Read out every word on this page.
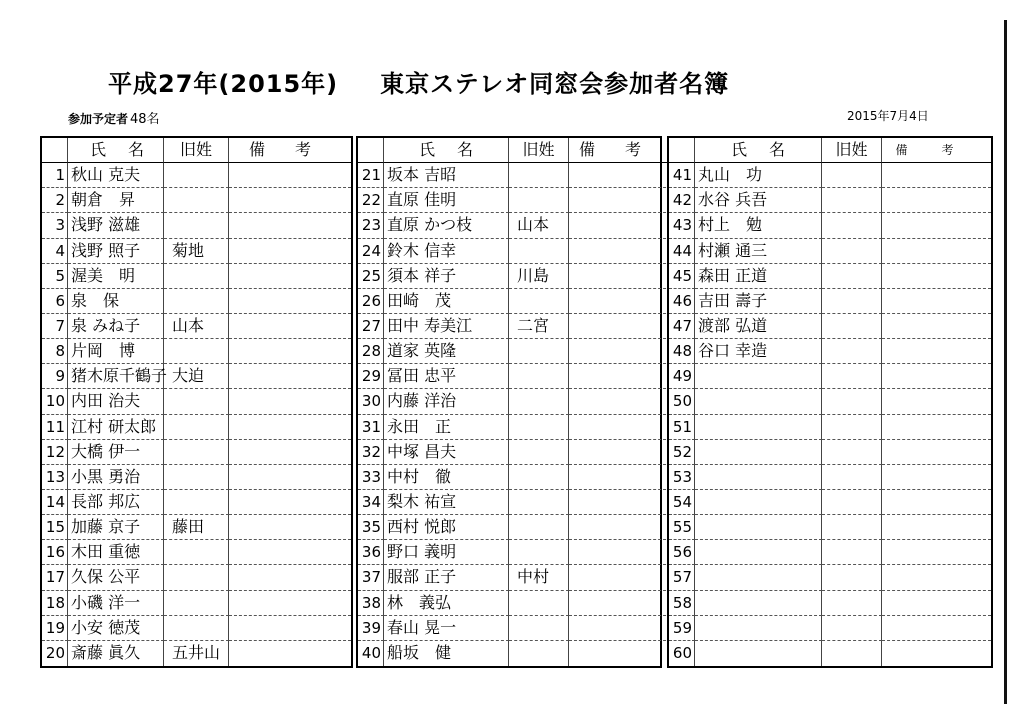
平成27年(2015年) 東京ステレオ同窓会参加者名簿
参加予定者 48名	2015年7月4日
氏名 旧姓	備考
1 秋山 克夫
2 朝倉　昇
3 浅野 滋雄
4 浅野 照子	菊地
5 渥美　明
6 泉　保
7 泉 みね子	山本
8 片岡　博
9 猪木原千鶴子 大迫
10 内田 治夫
11 江村 研太郎
12 大橋 伊一
13 小黒 勇治
14 長部 邦広
15 加藤 京子	藤田
16 木田 重徳
17 久保 公平
18 小磯 洋一
19 小安 徳茂
20 斎藤 眞久	五井山
氏名	旧姓	備考
21 坂本 吉昭
22 直原 佳明
23 直原 かつ枝	山本
24 鈴木 信幸
25 須本 祥子	川島
26 田崎　茂
27 田中 寿美江	二宮
28 道家 英隆
29 冨田 忠平
30 内藤 洋治
31 永田　正
32 中塚 昌夫
33 中村　徹
34 梨木 祐宣
35 西村 悦郎
36 野口 義明
37 服部 正子	中村
38 林　義弘
39 春山 晃一
40 船坂　健
氏名	旧姓	備考
41 丸山　功
42 水谷 兵吾
43 村上　勉
44 村瀬 通三
45 森田 正道
46 吉田 壽子
47 渡部 弘道
48 谷口 幸造
49
50
51
52
53
54
55
56
57
58
59
60
